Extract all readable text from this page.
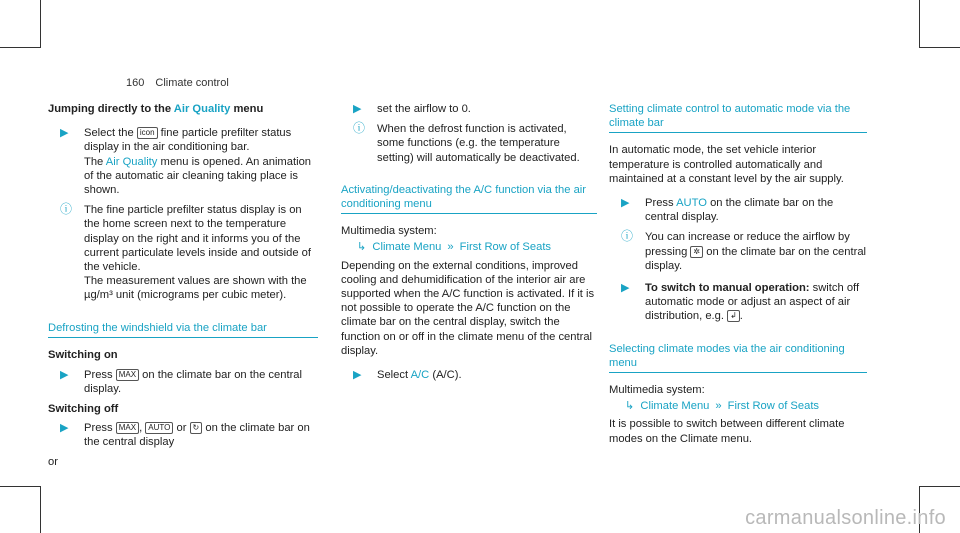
160 Climate control
Jumping directly to the Air Quality menu
▶ Select the icon fine particle prefilter status display in the air conditioning bar.
The Air Quality menu is opened. An animation of the automatic air cleaning taking place is shown.
ⓘ The fine particle prefilter status display is on the home screen next to the temperature display on the right and it informs you of the current particulate levels inside and outside of the vehicle.
The measurement values are shown with the µg/m³ unit (micrograms per cubic meter).
Defrosting the windshield via the climate bar
Switching on
▶ Press MAX on the climate bar on the central display.
Switching off
▶ Press MAX , AUTO or ↻ on the climate bar on the central display
or
▶ set the airflow to 0.
ⓘ When the defrost function is activated, some functions (e.g. the temperature setting) will automatically be deactivated.
Activating/deactivating the A/C function via the air conditioning menu
Multimedia system:
↳ Climate Menu » First Row of Seats
Depending on the external conditions, improved cooling and dehumidification of the interior air are supported when the A/C function is activated. If it is not possible to operate the A/C function on the climate bar on the central display, switch the function on or off in the climate menu of the central display.
▶ Select A/C (A/C).
Setting climate control to automatic mode via the climate bar
In automatic mode, the set vehicle interior temperature is controlled automatically and maintained at a constant level by the air supply.
▶ Press AUTO on the climate bar on the central display.
ⓘ You can increase or reduce the airflow by pressing ✲ on the climate bar on the central display.
▶ To switch to manual operation: switch off automatic mode or adjust an aspect of air distribution, e.g. ↲ .
Selecting climate modes via the air conditioning menu
Multimedia system:
↳ Climate Menu » First Row of Seats
It is possible to switch between different climate modes on the Climate menu.
carmanualsonline.info
